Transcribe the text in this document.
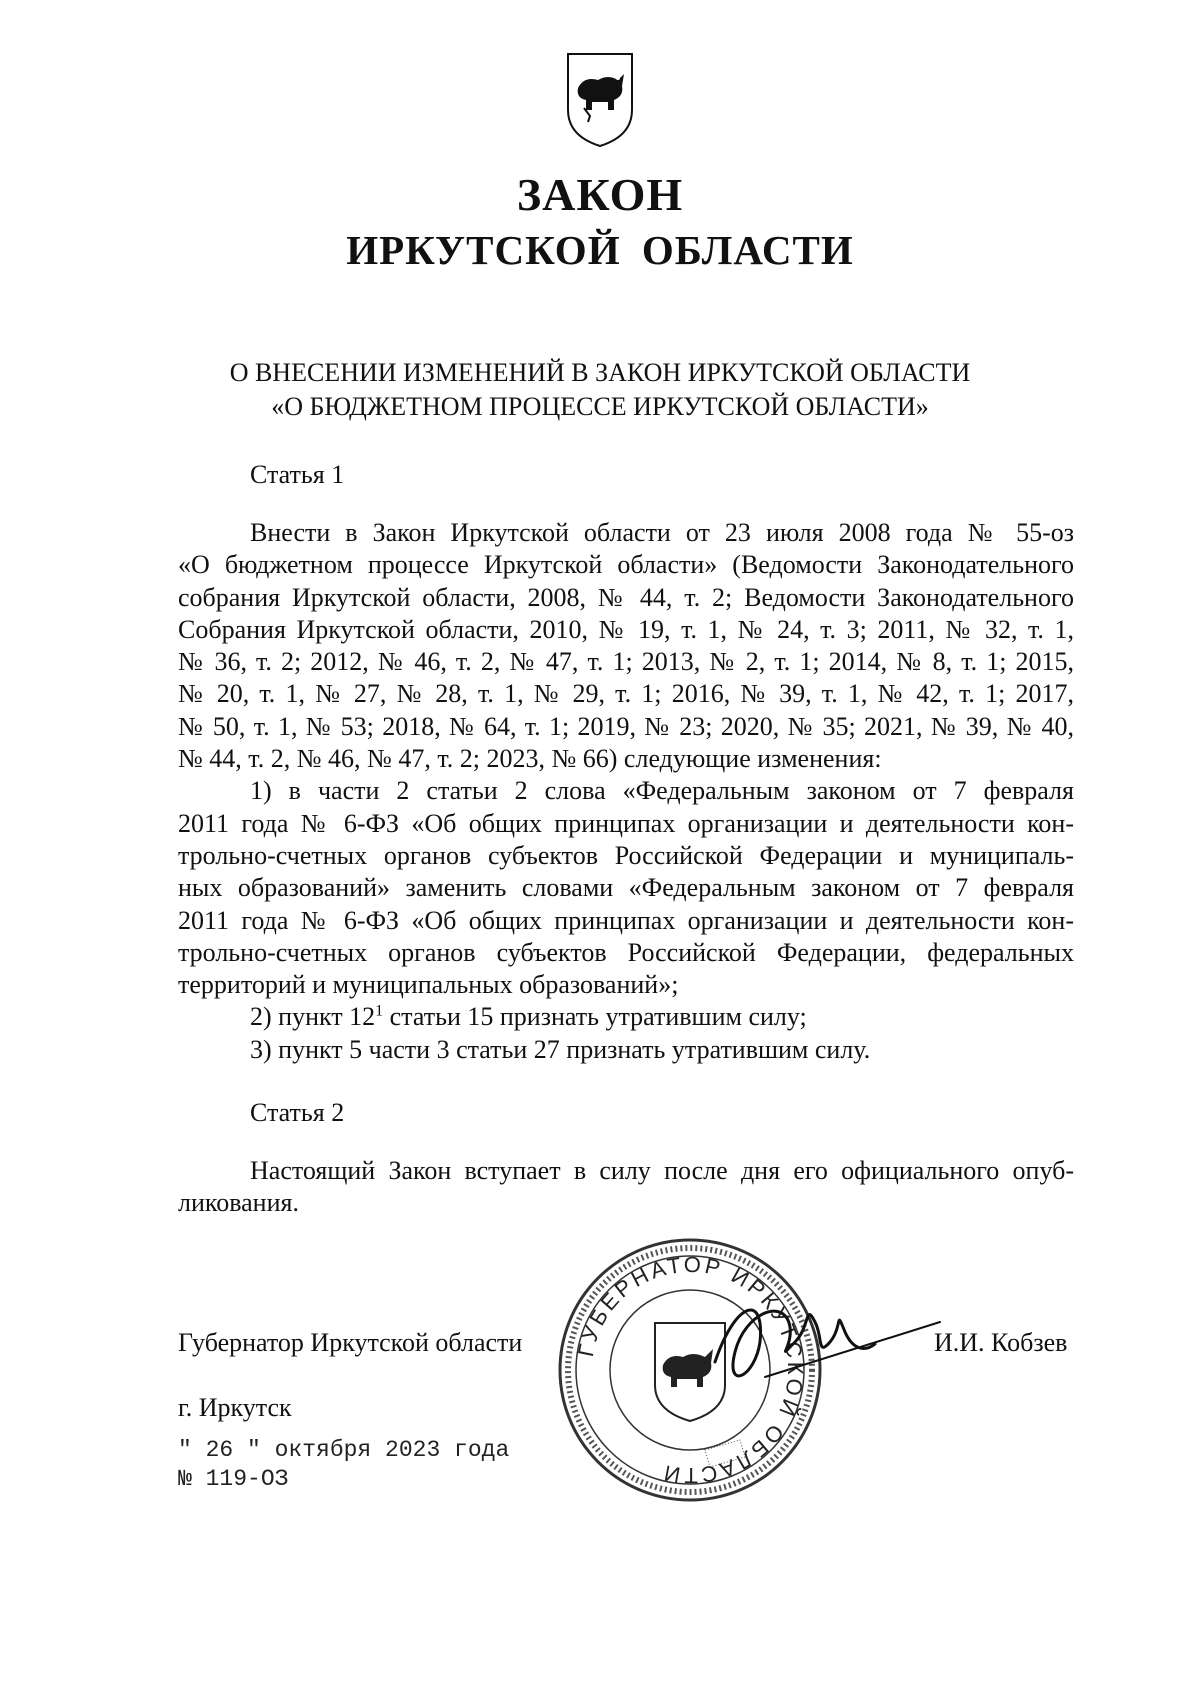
ЗАКОН
ИРКУТСКОЙ ОБЛАСТИ
О ВНЕСЕНИИ ИЗМЕНЕНИЙ В ЗАКОН ИРКУТСКОЙ ОБЛАСТИ
«О БЮДЖЕТНОМ ПРОЦЕССЕ ИРКУТСКОЙ ОБЛАСТИ»
Статья 1
Внести в Закон Иркутской области от 23 июля 2008 года № 55-оз
«О бюджетном процессе Иркутской области» (Ведомости Законодательного
собрания Иркутской области, 2008, № 44, т. 2; Ведомости Законодательного
Собрания Иркутской области, 2010, № 19, т. 1, № 24, т. 3; 2011, № 32, т. 1,
№ 36, т. 2; 2012, № 46, т. 2, № 47, т. 1; 2013, № 2, т. 1; 2014, № 8, т. 1; 2015,
№ 20, т. 1, № 27, № 28, т. 1, № 29, т. 1; 2016, № 39, т. 1, № 42, т. 1; 2017,
№ 50, т. 1, № 53; 2018, № 64, т. 1; 2019, № 23; 2020, № 35; 2021, № 39, № 40,
№ 44, т. 2, № 46, № 47, т. 2; 2023, № 66) следующие изменения:
1) в части 2 статьи 2 слова «Федеральным законом от 7 февраля
2011 года № 6-ФЗ «Об общих принципах организации и деятельности кон-
трольно-счетных органов субъектов Российской Федерации и муниципаль-
ных образований» заменить словами «Федеральным законом от 7 февраля
2011 года № 6-ФЗ «Об общих принципах организации и деятельности кон-
трольно-счетных органов субъектов Российской Федерации, федеральных
территорий и муниципальных образований»;
2) пункт $12^1$ статьи 15 признать утратившим силу;
3) пункт 5 части 3 статьи 27 признать утратившим силу.
Статья 2
Настоящий Закон вступает в силу после дня его официального опуб-
ликования.
ГУБЕРНАТОР ИРКУТСКОЙ ОБЛАСТИ
Губернатор Иркутской области	И.И. Кобзев
г. Иркутск
" 26 " октября 2023 года
№ 119-ОЗ
